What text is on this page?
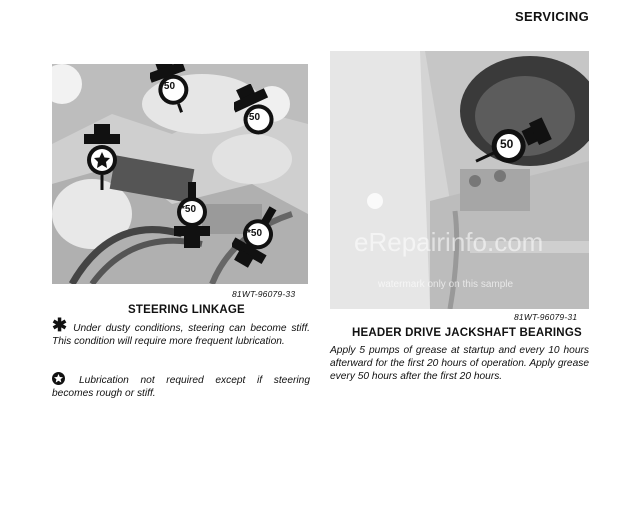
SERVICING
*50
*50
*50
*50
81WT-96079-33
50
eRepairinfo.com
watermark only on this sample
81WT-96079-31
STEERING LINKAGE
✱ Under dusty conditions, steering can become stiff. This condition will require more frequent lubrication.
Lubrication not required except if steering becomes rough or stiff.
HEADER DRIVE JACKSHAFT BEARINGS
Apply 5 pumps of grease at startup and every 10 hours afterward for the first 20 hours of operation. Apply grease every 50 hours after the first 20 hours.
